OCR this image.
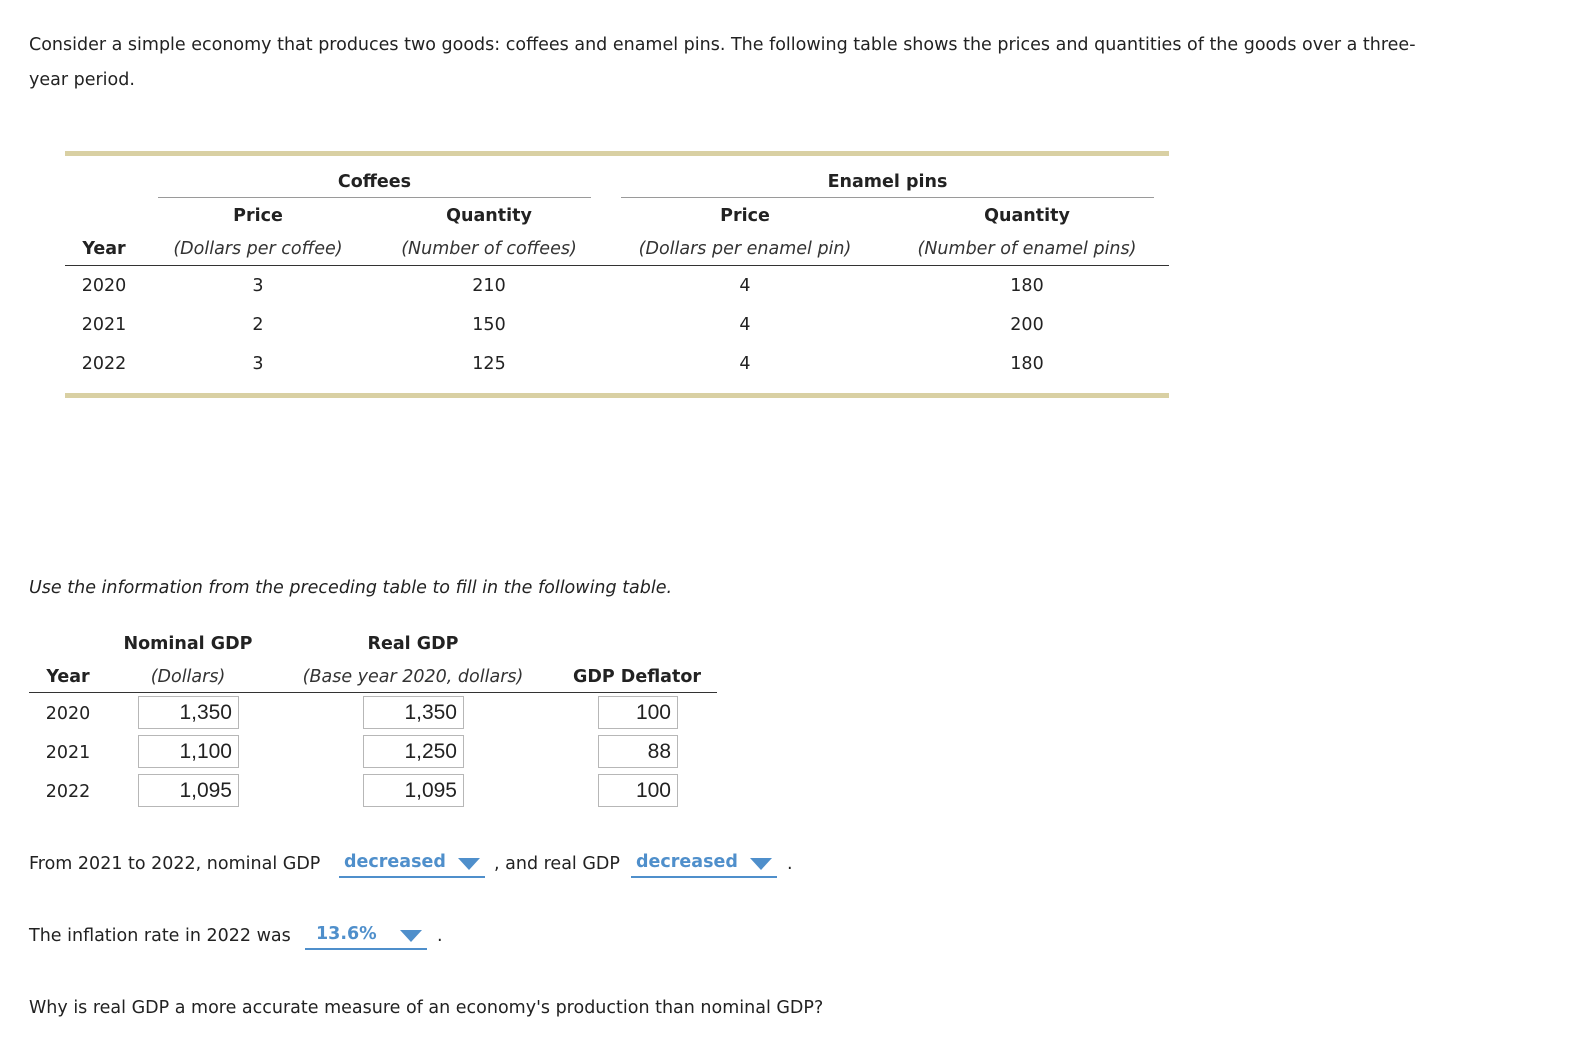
Consider a simple economy that produces two goods: coffees and enamel pins. The following table shows the prices and quantities of the goods over a three-year period.
Coffees	Enamel pins
Price	Quantity	Price	Quantity
Year	(Dollars per coffee)	(Number of coffees)	(Dollars per enamel pin)	(Number of enamel pins)
2020	3	210	4	180
2021	2	150	4	200
2022	3	125	4	180
Use the information from the preceding table to fill in the following table.
Nominal GDP	Real GDP
Year	(Dollars)	(Base year 2020, dollars)	GDP Deflator
2020	1,350	1,350	100
2021	1,100	1,250	88
2022	1,095	1,095	100
From 2021 to 2022, nominal GDP decreased	, and real GDP decreased	.
The inflation rate in 2022 was 13.6%	.
Why is real GDP a more accurate measure of an economy's production than nominal GDP?
